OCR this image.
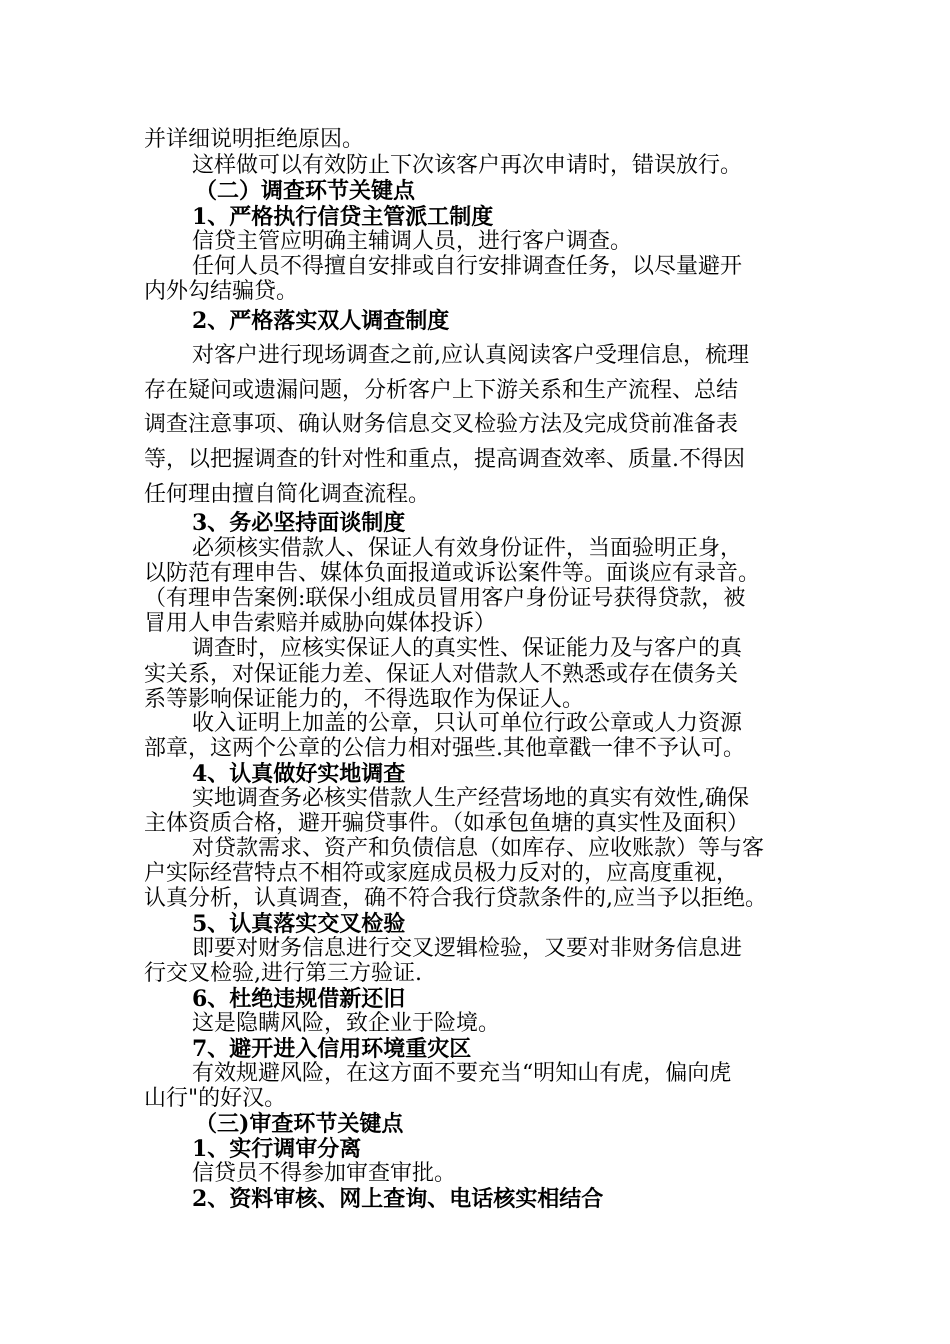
并详细说明拒绝原因。
这样做可以有效防止下次该客户再次申请时，错误放行。
（二）调查环节关键点
1、严格执行信贷主管派工制度
信贷主管应明确主辅调人员，进行客户调查。
任何人员不得擅自安排或自行安排调查任务，以尽量避开
内外勾结骗贷。
2、严格落实双人调查制度
对客户进行现场调查之前,应认真阅读客户受理信息，梳理
存在疑问或遗漏问题，分析客户上下游关系和生产流程、总结
调查注意事项、确认财务信息交叉检验方法及完成贷前准备表
等，以把握调查的针对性和重点，提高调查效率、质量.不得因
任何理由擅自简化调查流程。
3、务必坚持面谈制度
必须核实借款人、保证人有效身份证件，当面验明正身，
以防范有理申告、媒体负面报道或诉讼案件等。面谈应有录音。
（有理申告案例:联保小组成员冒用客户身份证号获得贷款，被
冒用人申告索赔并威胁向媒体投诉）
调查时，应核实保证人的真实性、保证能力及与客户的真
实关系，对保证能力差、保证人对借款人不熟悉或存在债务关
系等影响保证能力的，不得选取作为保证人。
收入证明上加盖的公章，只认可单位行政公章或人力资源
部章，这两个公章的公信力相对强些.其他章戳一律不予认可。
4、认真做好实地调查
实地调查务必核实借款人生产经营场地的真实有效性,确保
主体资质合格，避开骗贷事件。（如承包鱼塘的真实性及面积）
对贷款需求、资产和负债信息（如库存、应收账款）等与客
户实际经营特点不相符或家庭成员极力反对的，应高度重视，
认真分析，认真调查，确不符合我行贷款条件的,应当予以拒绝。
5、认真落实交叉检验
即要对财务信息进行交叉逻辑检验，又要对非财务信息进
行交叉检验,进行第三方验证.
6、杜绝违规借新还旧
这是隐瞒风险，致企业于险境。
7、避开进入信用环境重灾区
有效规避风险，在这方面不要充当“明知山有虎，偏向虎
山行"的好汉。
（三)审查环节关键点
1、实行调审分离
信贷员不得参加审查审批。
2、资料审核、网上查询、电话核实相结合
